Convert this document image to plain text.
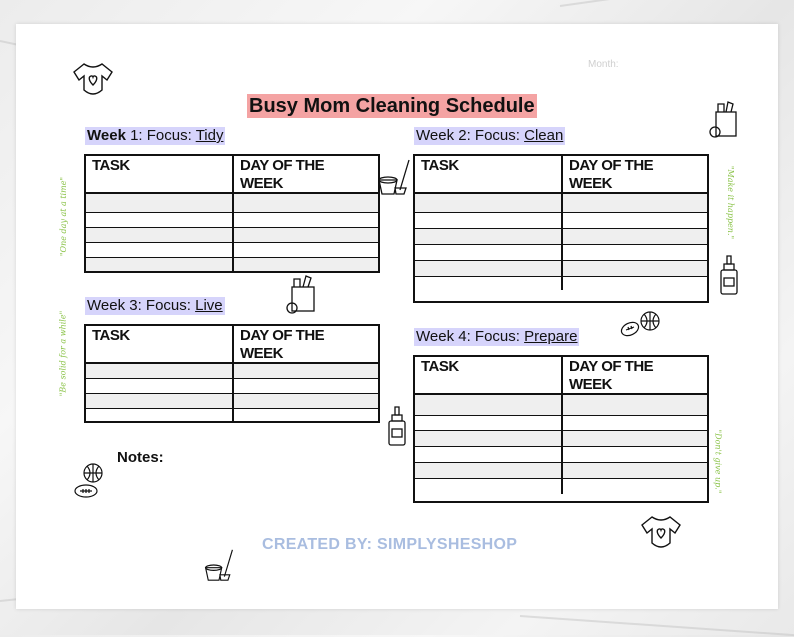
Month:
Busy Mom Cleaning Schedule
Week 1: Focus: Tidy
TASK	DAY OF THE
WEEK
Week 2: Focus: Clean
TASK	DAY OF THE
WEEK
Week 3: Focus: Live
TASK	DAY OF THE
WEEK
Week 4: Focus: Prepare
TASK	DAY OF THE
WEEK
Notes:
CREATED BY: SIMPLYSHESHOP
"One day at a time"
"Be solid for a while"
"Make it happen."
"Don't give up."
